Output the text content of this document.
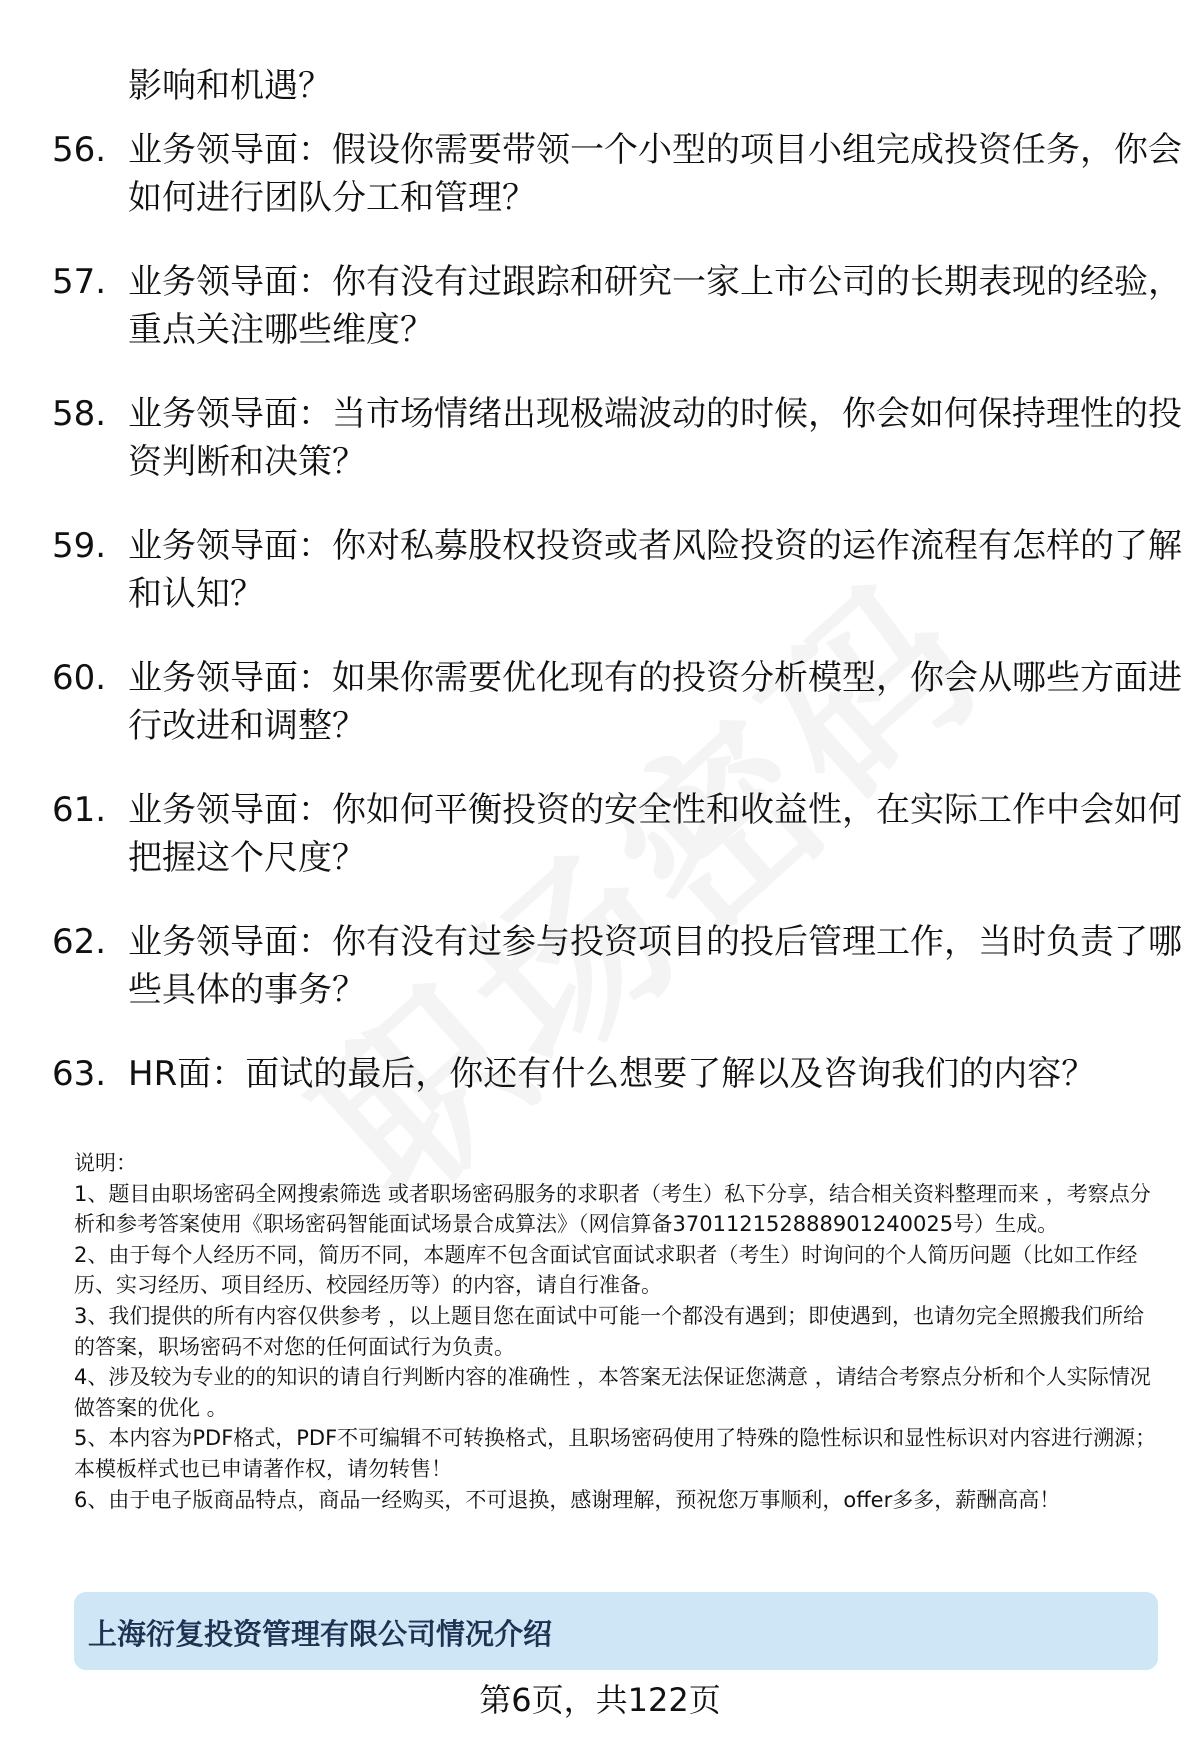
影响和机遇？
56. 业务领导面：假设你需要带领一个小型的项目小组完成投资任务，你会如何进行团队分工和管理？
57. 业务领导面：你有没有过跟踪和研究一家上市公司的长期表现的经验，重点关注哪些维度？
58. 业务领导面：当市场情绪出现极端波动的时候，你会如何保持理性的投资判断和决策？
59. 业务领导面：你对私募股权投资或者风险投资的运作流程有怎样的了解和认知？
60. 业务领导面：如果你需要优化现有的投资分析模型，你会从哪些方面进行改进和调整？
61. 业务领导面：你如何平衡投资的安全性和收益性，在实际工作中会如何把握这个尺度？
62. 业务领导面：你有没有过参与投资项目的投后管理工作，当时负责了哪些具体的事务？
63. HR面：面试的最后，你还有什么想要了解以及咨询我们的内容？
说明：
1、题目由职场密码全网搜索筛选 或者职场密码服务的求职者（考生）私下分享，结合相关资料整理而来 ，考察点分析和参考答案使用《职场密码智能面试场景合成算法》（网信算备370112152888901240025号）生成。
2、由于每个人经历不同，简历不同，本题库不包含面试官面试求职者（考生）时询问的个人简历问题（比如工作经历、实习经历、项目经历、校园经历等）的内容，请自行准备。
3、我们提供的所有内容仅供参考 ，以上题目您在面试中可能一个都没有遇到；即使遇到，也请勿完全照搬我们所给的答案，职场密码不对您的任何面试行为负责。
4、涉及较为专业的的知识的请自行判断内容的准确性 ，本答案无法保证您满意 ，请结合考察点分析和个人实际情况做答案的优化 。
5、本内容为PDF格式，PDF不可编辑不可转换格式，且职场密码使用了特殊的隐性标识和显性标识对内容进行溯源；本模板样式也已申请著作权，请勿转售！
6、由于电子版商品特点，商品一经购买，不可退换，感谢理解，预祝您万事顺利，offer多多，薪酬高高！
上海衍复投资管理有限公司情况介绍
第6页，共122页
